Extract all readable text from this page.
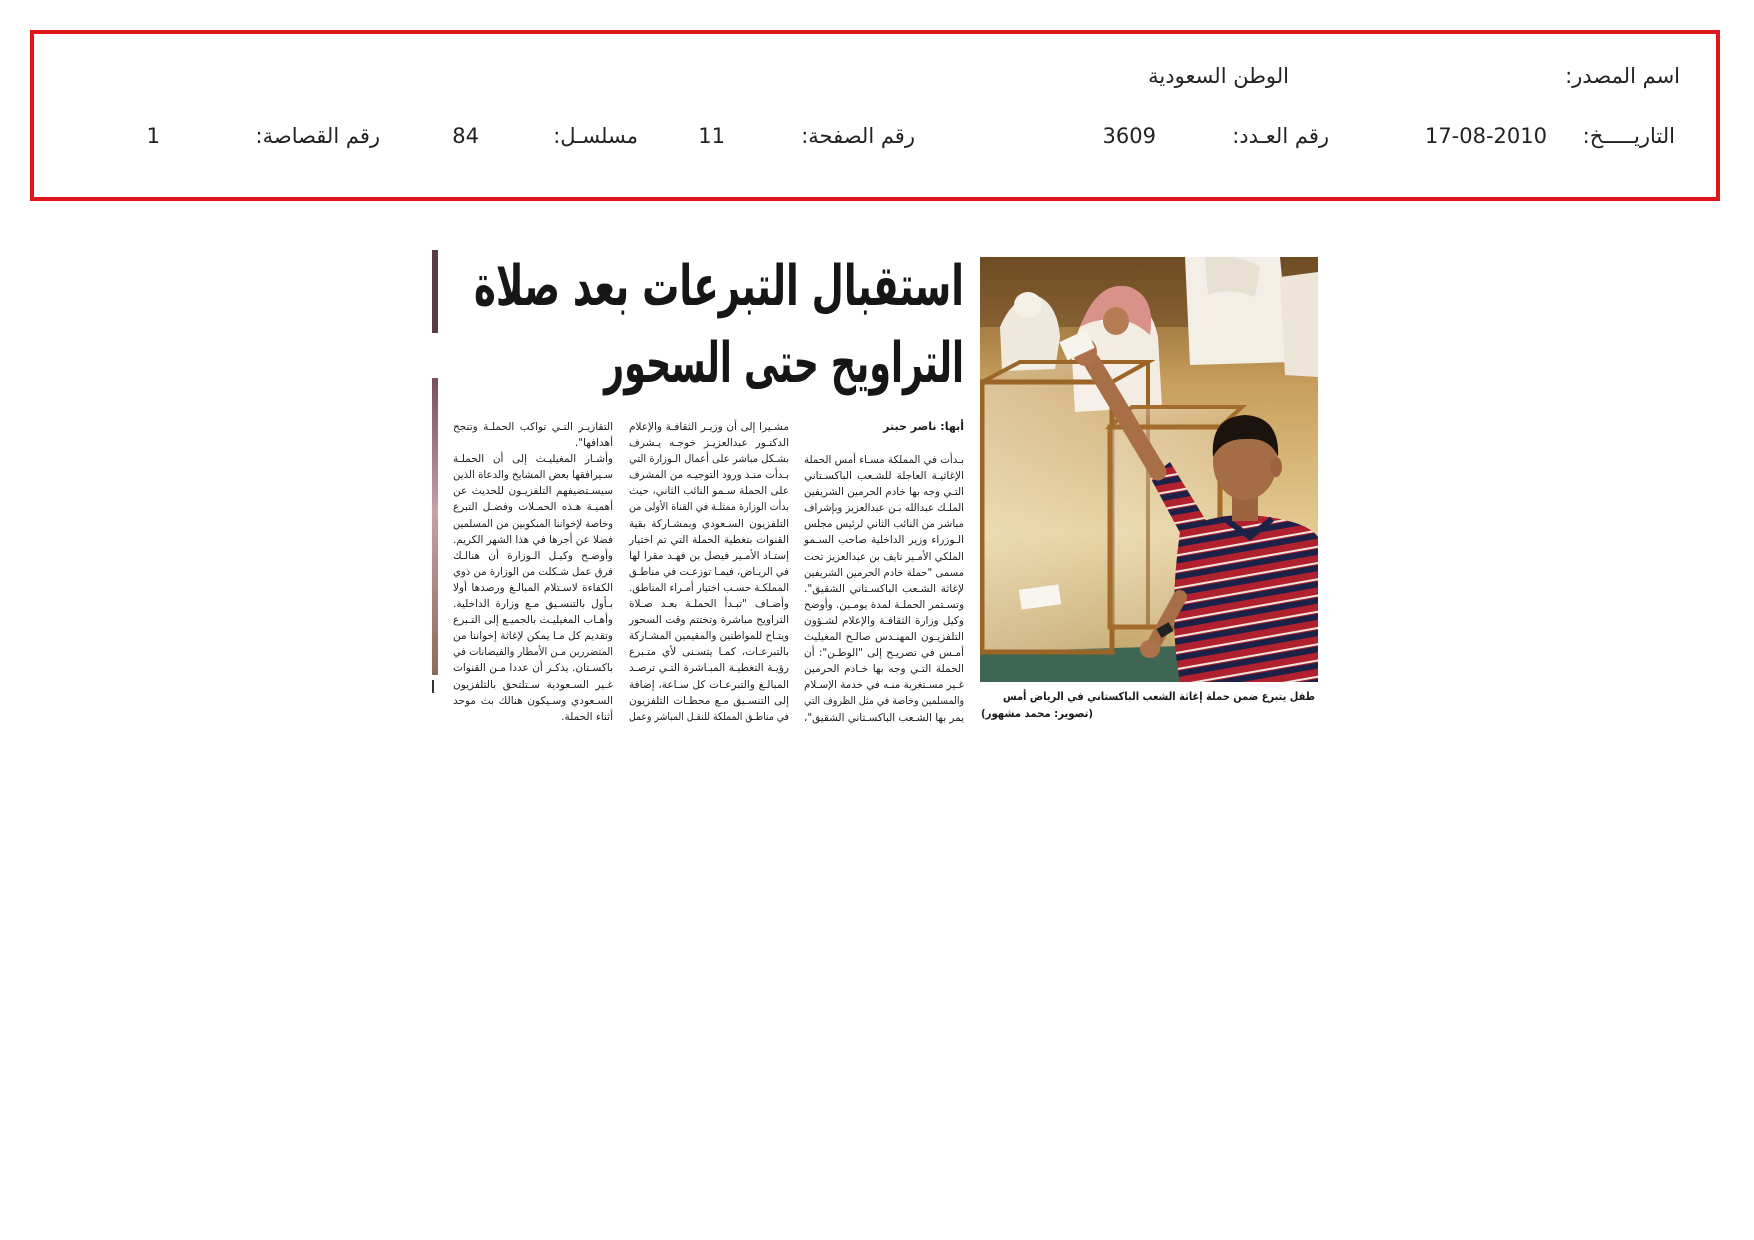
اسم المصدر:
الوطن السعودية
التاريـــــخ:
17-08-2010
رقم العـدد:
3609
رقم الصفحة:
11
مسلسـل:
84
رقم القصاصة:
1
استقبال التبرعات بعد صلاة
التراويح حتى السحور
أبها: ناصر حبتر
بـدأت في المملكة مسـاء أمس الحملة
الإغاثيـة العاجلة للشـعب الباكسـتاني
التـي وجه بها خادم الحرمين الشريفين
الملـك عبدالله بـن عبدالعزيز وبإشراف
مباشر من النائب الثاني لرئيس مجلس
الـوزراء وزير الداخلية صاحب السـمو
الملكي الأمـير نايف بن عبدالعزيز تحت
مسمى "حملة خادم الحرمين الشريفين
لإغاثة الشـعب الباكسـتاني الشقيق".
وتسـتمر الحملـة لمدة يومـين. وأوضح
وكيل وزارة الثقافـة والإعلام لشـؤون
التلفزيـون المهنـدس صالـح المغيليث
أمـس في تصريـح إلى "الوطـن": أن
الحملة التـي وجه بها خـادم الحرمين
غـير مسـتغربة منـه في خدمة الإسـلام
والمسلمين وخاصة في مثل الظروف التي
يمر بها الشـعب الباكسـتاني الشقيق"،
مشـيرا إلى أن وزيـر الثقافـة والإعلام
الدكتـور عبدالعزيـز خوجـه يـشرف
بشـكل مباشر على أعمال الـوزارة التي
بـدأت منـذ ورود التوجيـه من المشرف
على الحملة سـمو النائب الثاني، حيث
بدأت الوزارة ممثلـة في القناة الأولى من
التلفزيون السـعودي وبمشـاركة بقية
القنوات بتغطية الحملة التي تم اختيار
إستـاد الأمـير فيصل بن فهـد مقرا لها
في الريـاض، فيمـا توزعـت في مناطـق
المملكـة حسـب اختيار أمـراء المناطق.
وأضـاف "تبـدأ الحملـة بعـد صـلاة
التراويح مباشرة وتختتم وقت السحور
ويتـاح للمواطنين والمقيمين المشـاركة
بالتبرعـات، كمـا يتسـنى لأي متـبرع
رؤيـة التغطيـة المبـاشرة التـي ترصـد
المبالـغ والتبرعـات كل سـاعة، إضافة
إلى التنسـيق مـع محطـات التلفزيون
في مناطـق المملكة للنقـل المباشر وعمل
التقاريـر التـي تواكب الحملـة وتنجح
أهدافها".
وأشـار المغيليـث إلى أن الحملـة
سـيرافقها بعض المشايخ والدعاة الذين
سيسـتضيفهم التلفزيـون للحديث عن
أهميـة هـذه الحمـلات وفضـل التبرع
وخاصة لإخواننا المنكوبين من المسلمين
فضلا عن أجرها في هذا الشهر الكريم.
وأوضـح وكيـل الـوزارة أن هنالـك
فرق عمل شـكلت من الوزارة من ذوي
الكفاءة لاسـتلام المبالـغ ورصدها أولا
بـأول بالتنسـيق مـع وزارة الداخلية.
وأهـاب المغيليـث بالجميـع إلى التـبرع
وتقديم كل مـا يمكن لإغاثة إخواننا من
المتضررين مـن الأمطار والفيضانات في
باكسـتان. يذكـر أن عددا مـن القنوات
غـير السـعودية سـتلتحق بالتلفزيون
السـعودي وسـيكون هنالك بث موحد
أثناء الحملة.
طفل يتبرع ضمن حملة إغاثة الشعب الباكستاني في الرياض أمس
(تصوير: محمد مشهور)
